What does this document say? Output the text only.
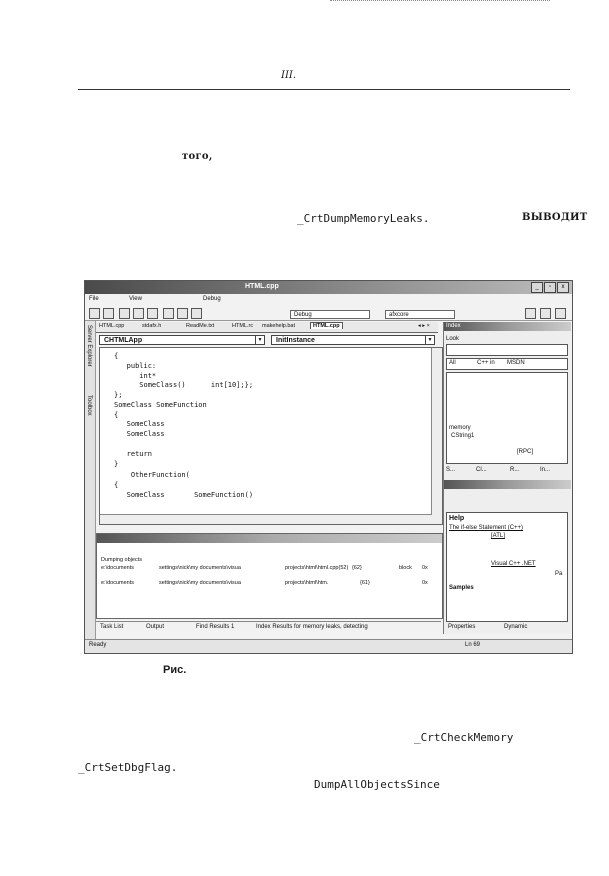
III.
того,
_CrtDumpMemoryLeaks.	ВЫВОДИТ
HTML.cpp	_	▫	x
File	View	Debug
Debug	afxcore
Server Explorer
Toolbox
HTML.cpp	stdafx.h	ReadMe.txt	HTML.rc makehelp.bat	HTML.cpp	◂ ▸ ×
CHTMLApp	▼	InitInstance	▼
{
public:
int*
SomeClass()      int[10];};
};
SomeClass SomeFunction
{
SomeClass
SomeClass
return
}
OtherFunction(
{
SomeClass       SomeFunction()
Dumping objects
e:\documents	settings\nick\my documents\visua	projects\html\html.cpp(52) {62}	block 0x
e:\documents	settings\nick\my documents\visua	projects\html\htm.	{61}	0x
Task List	Output	Find Results 1	Index Results for memory leaks, detecting
Index
Look
All	C++ in MSDN
memory
CString1
[RPC]
S...	Cl...	R...	In...
Help
The if-else Statement (C++)
[ATL]
Visual C++ .NET
Pa
Samples
Properties	Dynamic
Ready	Ln 69
Рис.
_CrtCheckMemory
_CrtSetDbgFlag.
DumpAllObjectsSince
